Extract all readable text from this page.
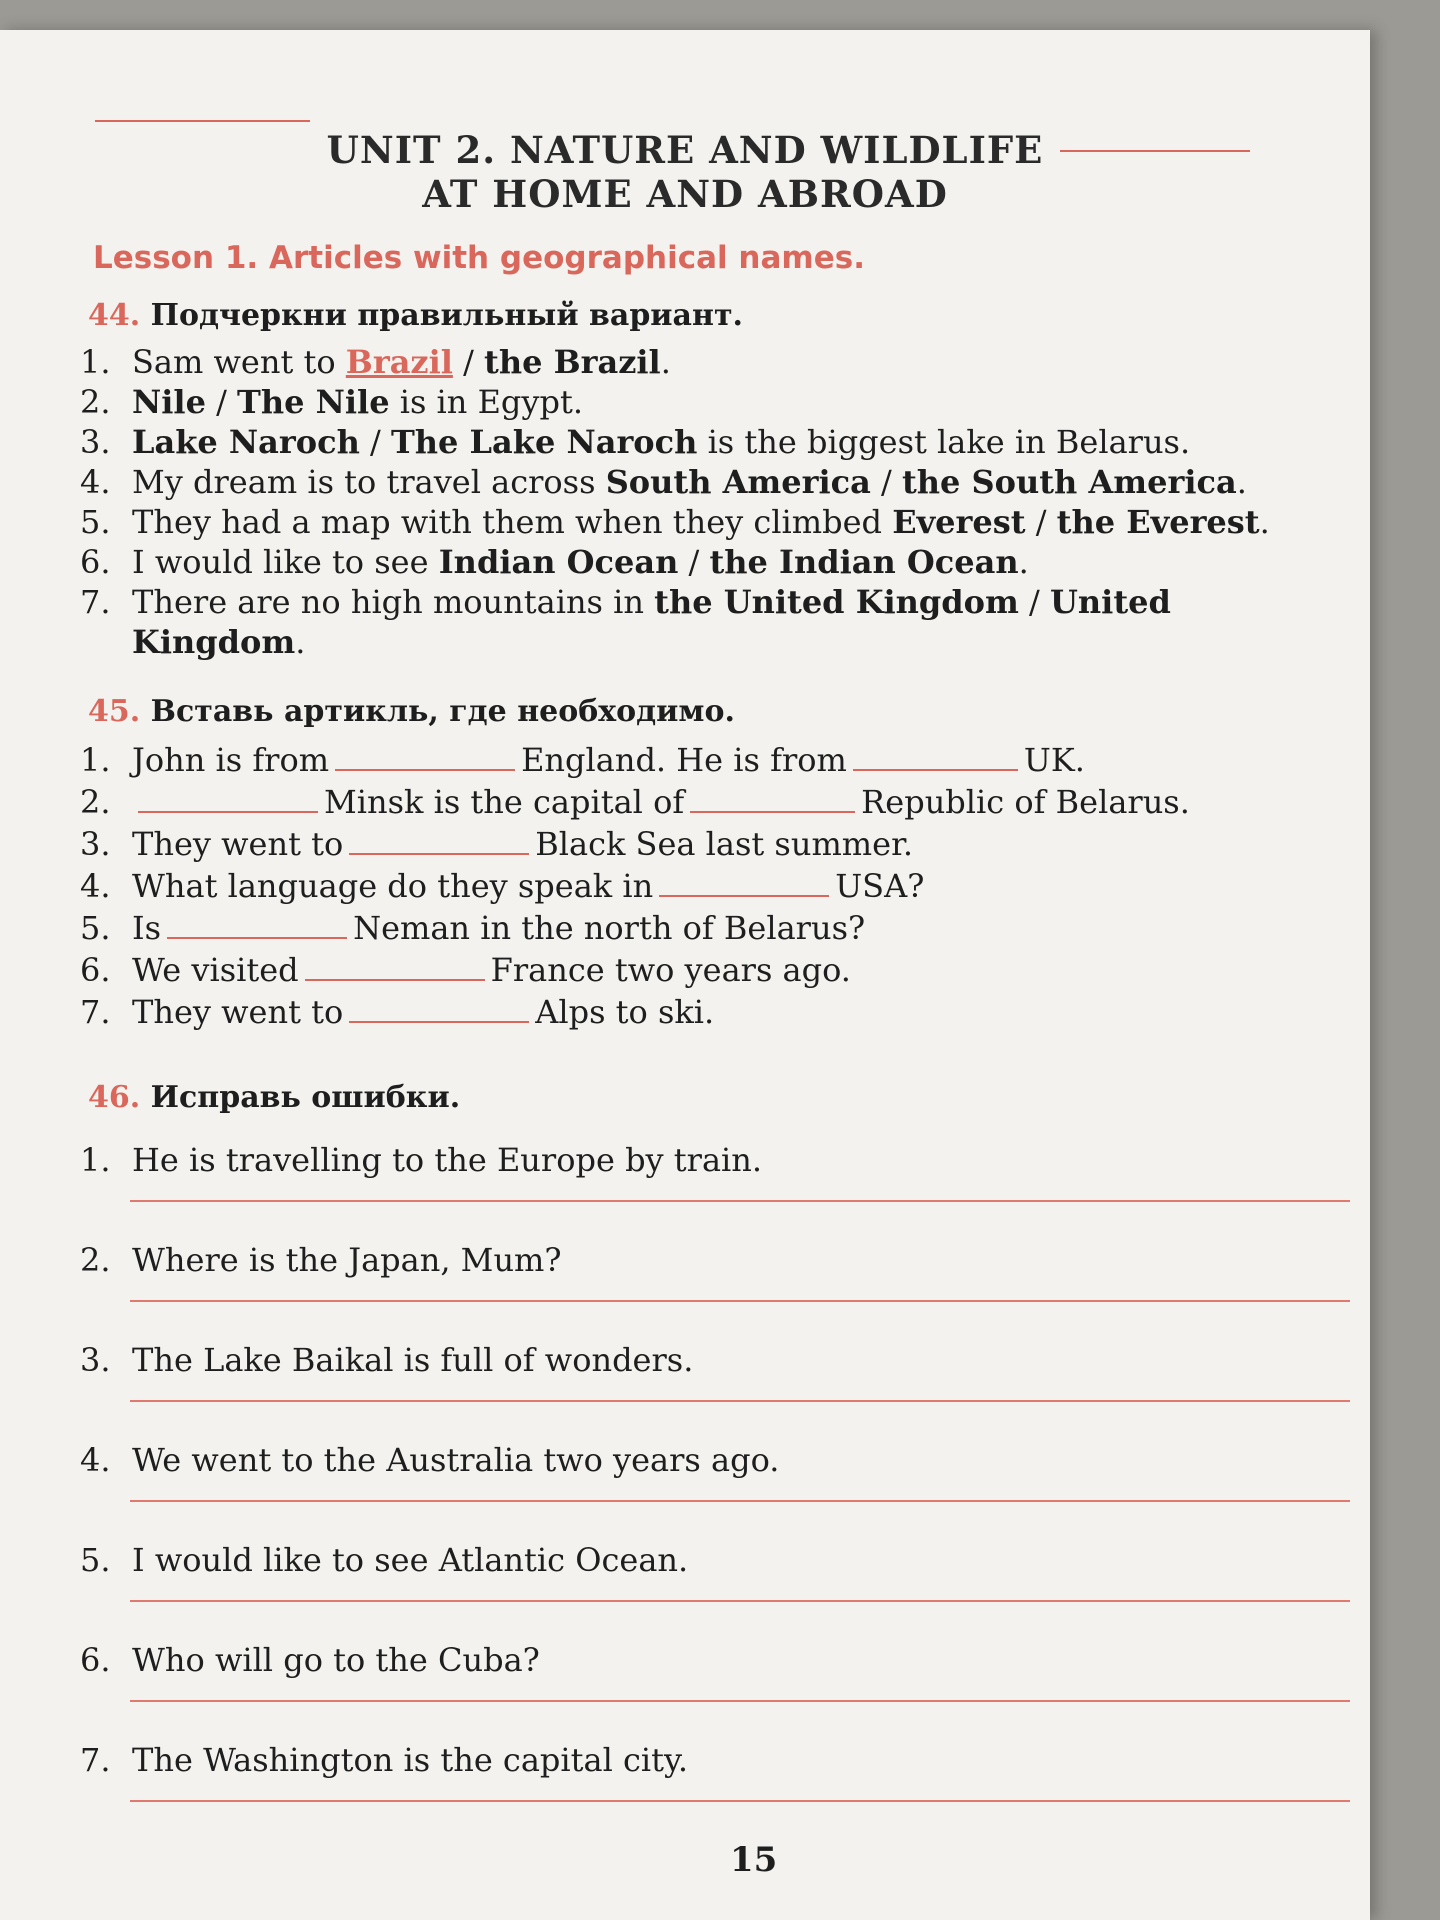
UNIT 2. NATURE AND WILDLIFE
AT HOME AND ABROAD
Lesson 1. Articles with geographical names.
44. Подчеркни правильный вариант.
1. Sam went to Brazil / the Brazil.
2. Nile / The Nile is in Egypt.
3. Lake Naroch / The Lake Naroch is the biggest lake in Belarus.
4. My dream is to travel across South America / the South America.
5. They had a map with them when they climbed Everest / the Everest.
6. I would like to see Indian Ocean / the Indian Ocean.
7. There are no high mountains in the United Kingdom / United
Kingdom.
45. Вставь артикль, где необходимо.
1. John is from	England. He is from	UK.
2.	Minsk is the capital of	Republic of Belarus.
3. They went to	Black Sea last summer.
4. What language do they speak in	USA?
5. Is	Neman in the north of Belarus?
6. We visited	France two years ago.
7. They went to	Alps to ski.
46. Исправь ошибки.
1. He is travelling to the Europe by train.
2. Where is the Japan, Mum?
3. The Lake Baikal is full of wonders.
4. We went to the Australia two years ago.
5. I would like to see Atlantic Ocean.
6. Who will go to the Cuba?
7. The Washington is the capital city.
15
